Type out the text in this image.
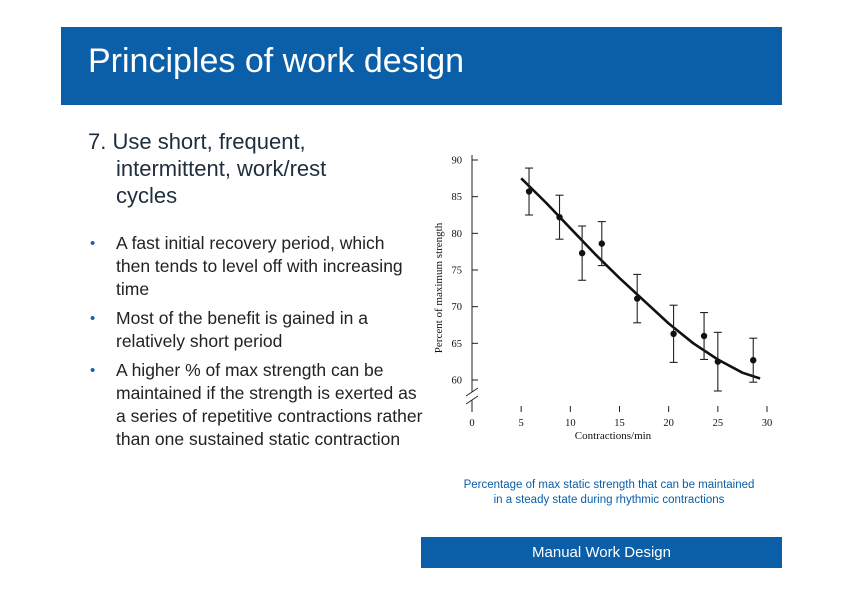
Principles of work design
7. Use short, frequent,
intermittent, work/rest
cycles
• A fast initial recovery period, which then tends to level off with increasing time
• Most of the benefit is gained in a relatively short period
• A higher % of max strength can be maintained if the strength is exerted as a series of repetitive contractions rather than one sustained static contraction
0	5	10	15	20	25	30
60
65
70
75
80
85
90
Contractions/min
Percent of maximum strength
Percentage of max static strength that can be maintained
in a steady state during rhythmic contractions
Manual Work Design
